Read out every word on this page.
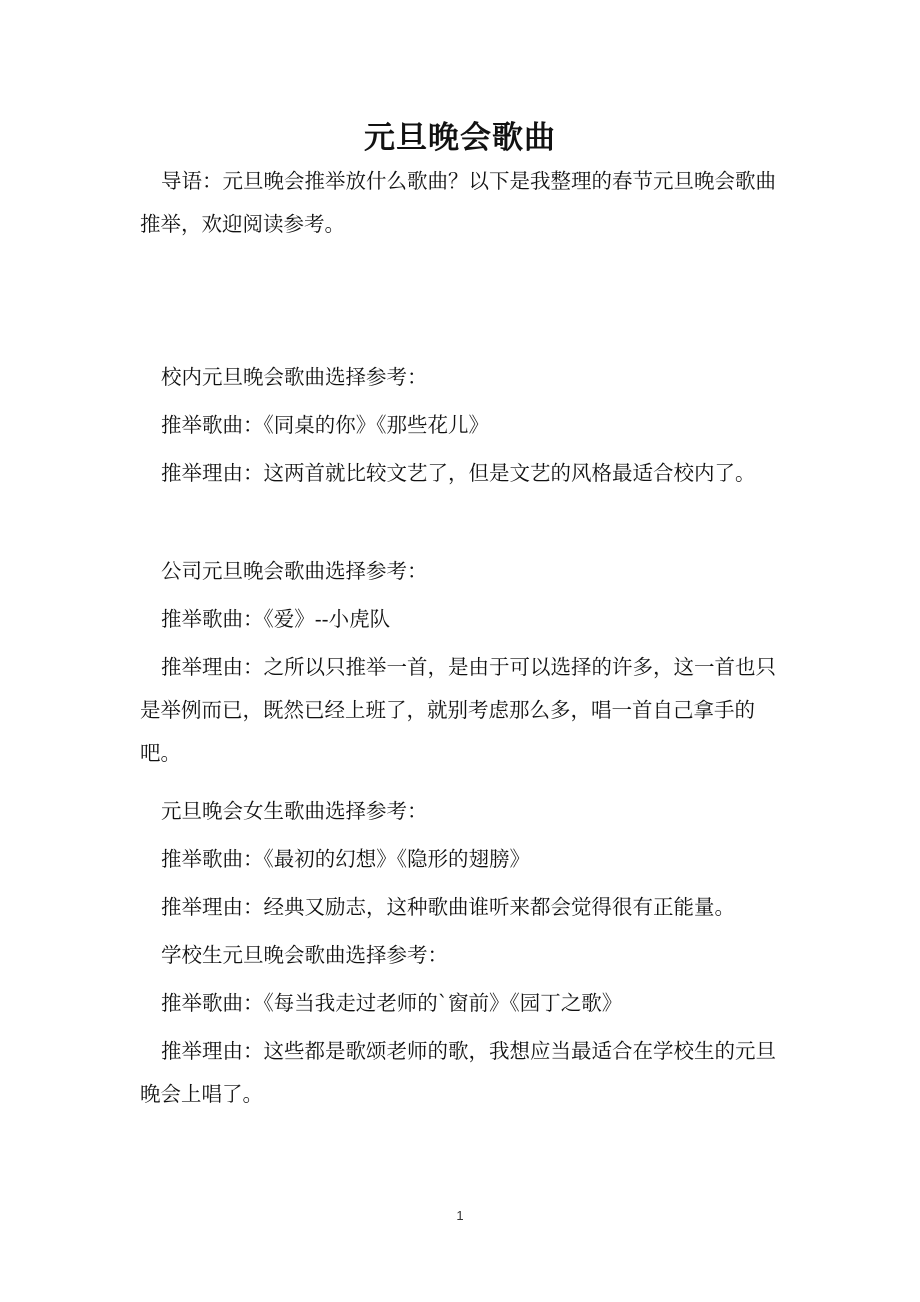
元旦晚会歌曲

导语：元旦晚会推举放什么歌曲？以下是我整理的春节元旦晚会歌曲推举，欢迎阅读参考。

校内元旦晚会歌曲选择参考：

推举歌曲：《同桌的你》《那些花儿》

推举理由：这两首就比较文艺了，但是文艺的风格最适合校内了。

公司元旦晚会歌曲选择参考：

推举歌曲：《爱》--小虎队

推举理由：之所以只推举一首，是由于可以选择的许多，这一首也只是举例而已，既然已经上班了，就别考虑那么多，唱一首自己拿手的吧。

元旦晚会女生歌曲选择参考：

推举歌曲：《最初的幻想》《隐形的翅膀》

推举理由：经典又励志，这种歌曲谁听来都会觉得很有正能量。

学校生元旦晚会歌曲选择参考：

推举歌曲：《每当我走过老师的`窗前》《园丁之歌》

推举理由：这些都是歌颂老师的歌，我想应当最适合在学校生的元旦晚会上唱了。

1
